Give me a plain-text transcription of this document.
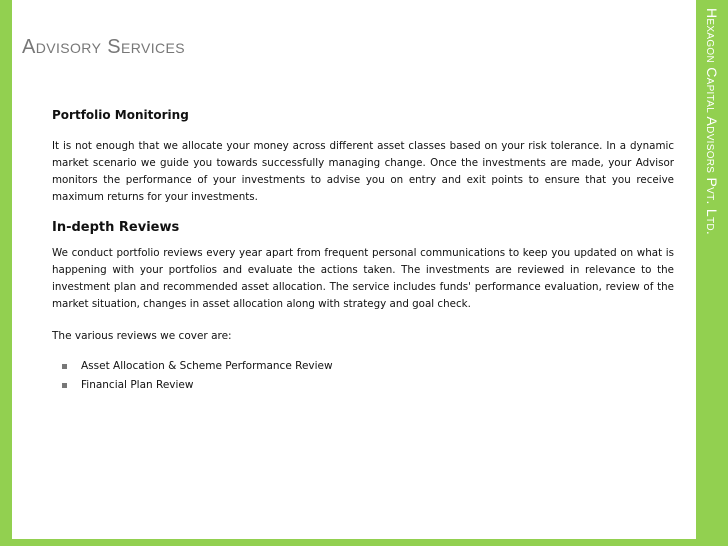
Hexagon Capital Advisors Pvt. Ltd.
Advisory Services
Portfolio Monitoring

It is not enough that we allocate your money across different asset classes based on your risk tolerance. In a dynamic market scenario we guide you towards successfully managing change. Once the investments are made, your Advisor monitors the performance of your investments to advise you on entry and exit points to ensure that you receive maximum returns for your investments.

In-depth Reviews

We conduct portfolio reviews every year apart from frequent personal communications to keep you updated on what is happening with your portfolios and evaluate the actions taken. The investments are reviewed in relevance to the investment plan and recommended asset allocation. The service includes funds' performance evaluation, review of the market situation, changes in asset allocation along with strategy and goal check.

The various reviews we cover are:
Asset Allocation & Scheme Performance Review
Financial Plan Review
